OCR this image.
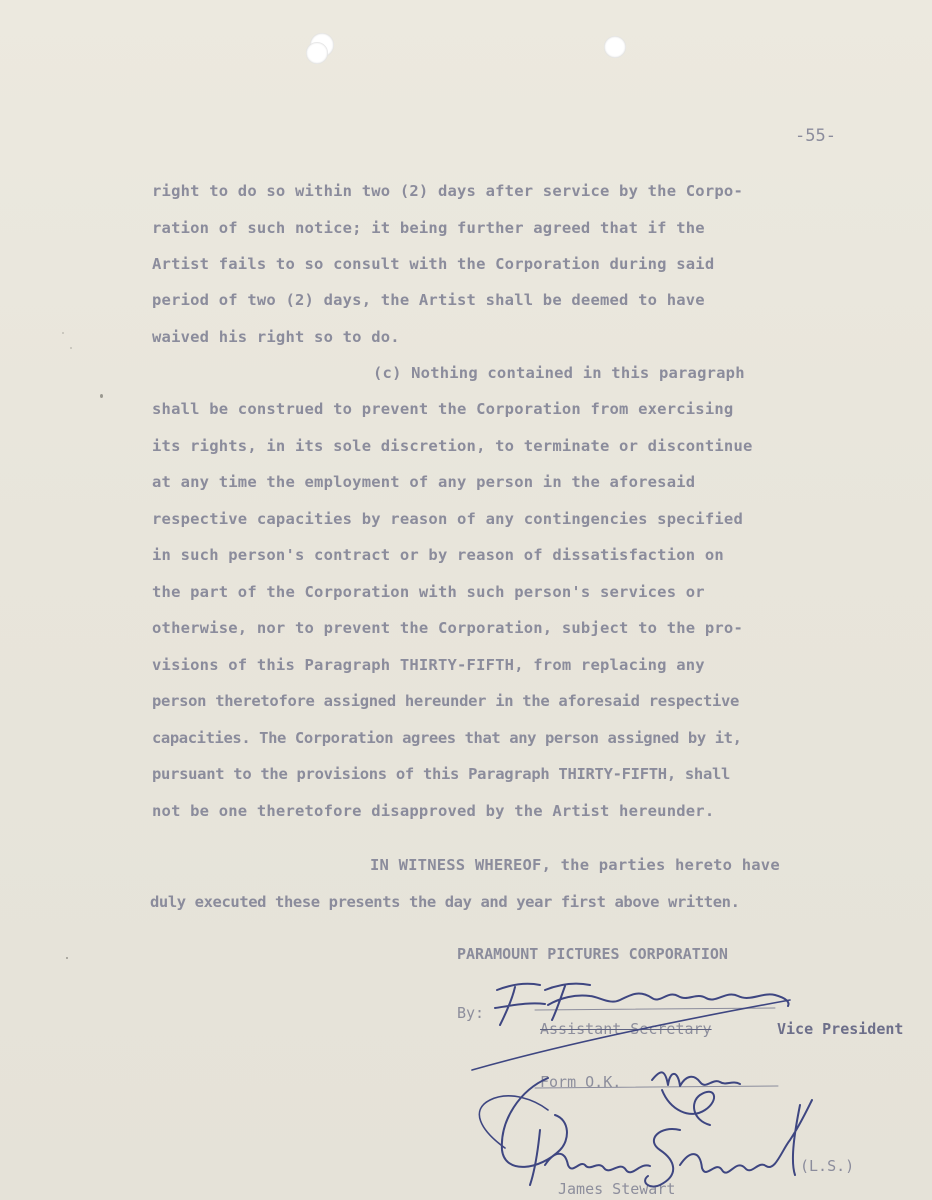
-55-
right to do so within two (2) days after service by the Corpo-
ration of such notice; it being further agreed that if the
Artist fails to so consult with the Corporation during said
period of two (2) days, the Artist shall be deemed to have
waived his right so to do.
(c) Nothing contained in this paragraph
shall be construed to prevent the Corporation from exercising
its rights, in its sole discretion, to terminate or discontinue
at any time the employment of any person in the aforesaid
respective capacities by reason of any contingencies specified
in such person's contract or by reason of dissatisfaction on
the part of the Corporation with such person's services or
otherwise, nor to prevent the Corporation, subject to the pro-
visions of this Paragraph THIRTY-FIFTH, from replacing any
person theretofore assigned hereunder in the aforesaid respective
capacities. The Corporation agrees that any person assigned by it,
pursuant to the provisions of this Paragraph THIRTY-FIFTH, shall
not be one theretofore disapproved by the Artist hereunder.
IN WITNESS WHEREOF, the parties hereto have
duly executed these presents the day and year first above written.
PARAMOUNT PICTURES CORPORATION
By:
Assistant Secretary	Vice President
Form O.K.
(L.S.)
James Stewart
